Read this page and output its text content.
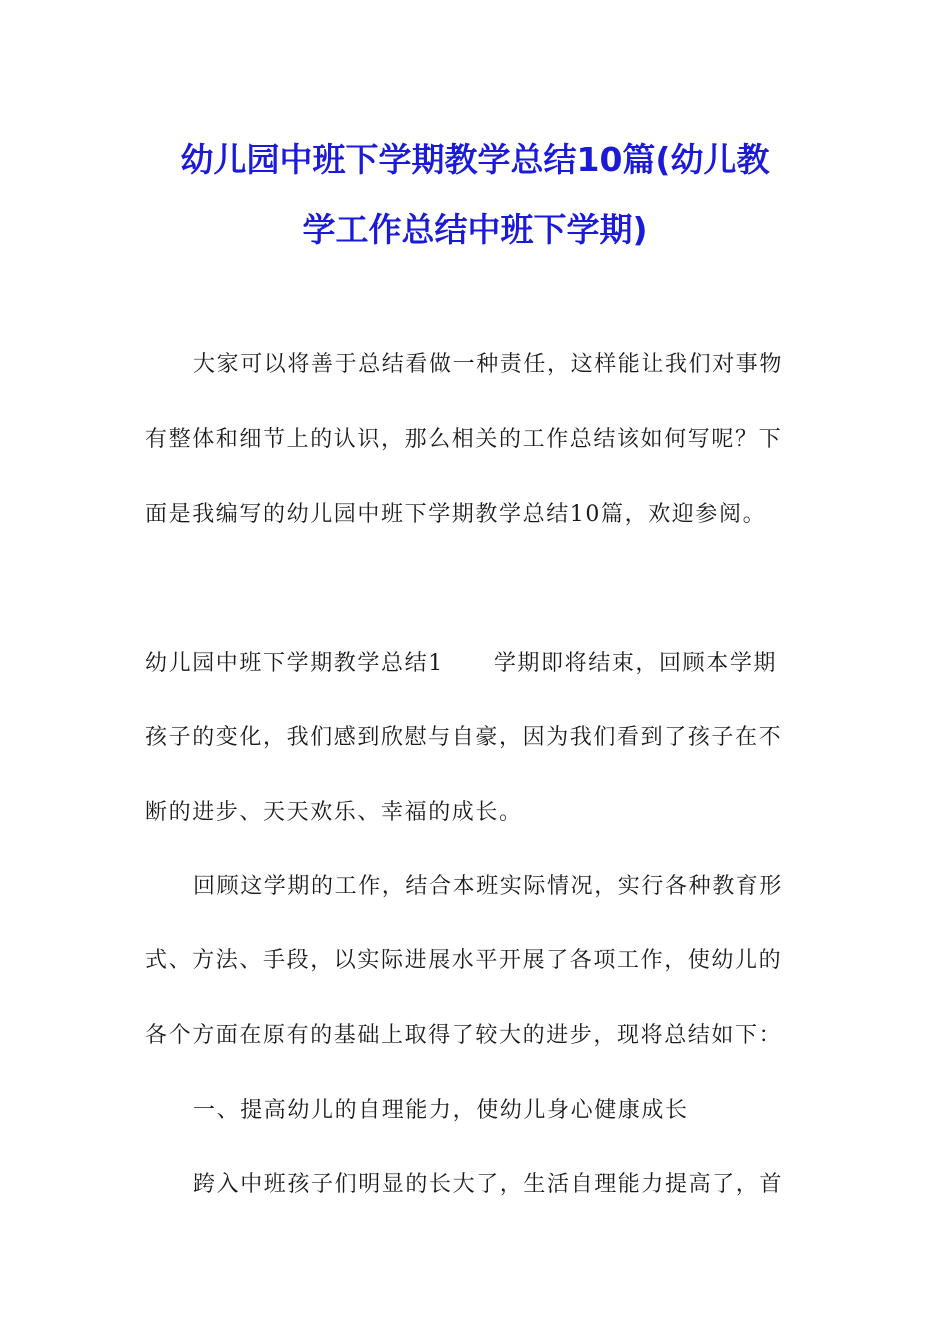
幼儿园中班下学期教学总结10篇(幼儿教
学工作总结中班下学期)
大家可以将善于总结看做一种责任，这样能让我们对事物
有整体和细节上的认识，那么相关的工作总结该如何写呢？下
面是我编写的幼儿园中班下学期教学总结10篇，欢迎参阅。
幼儿园中班下学期教学总结1 学期即将结束，回顾本学期
孩子的变化，我们感到欣慰与自豪，因为我们看到了孩子在不
断的进步、天天欢乐、幸福的成长。
回顾这学期的工作，结合本班实际情况，实行各种教育形
式、方法、手段，以实际进展水平开展了各项工作，使幼儿的
各个方面在原有的基础上取得了较大的进步，现将总结如下：
一、提高幼儿的自理能力，使幼儿身心健康成长
跨入中班孩子们明显的长大了，生活自理能力提高了，首
